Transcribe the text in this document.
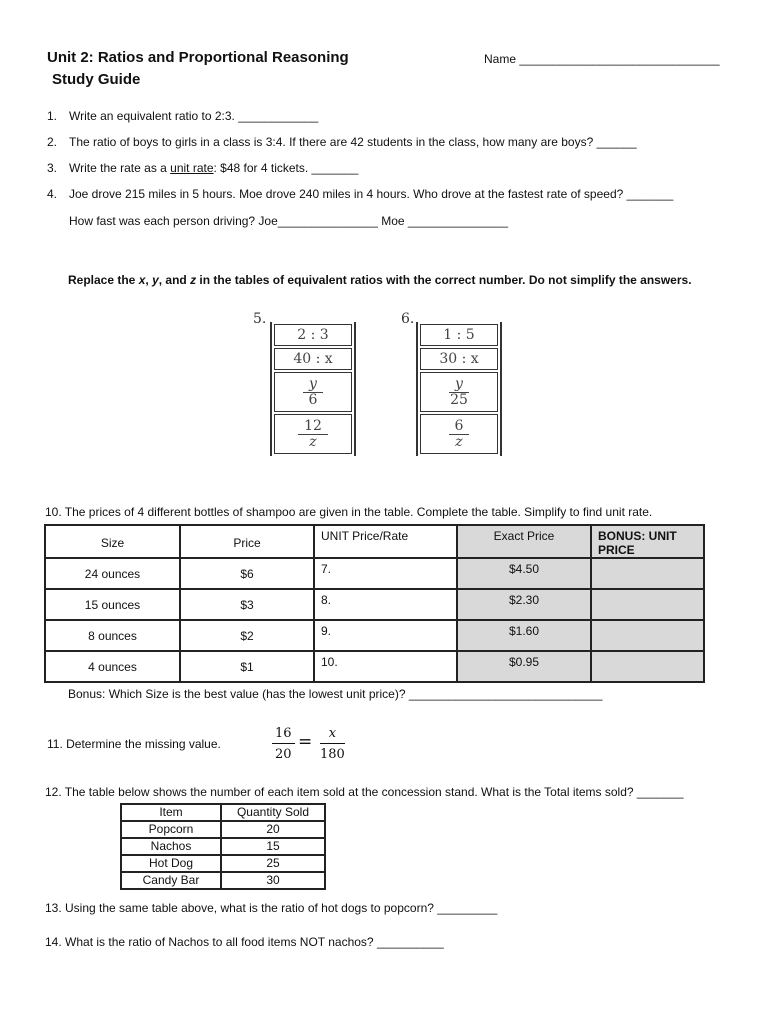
Unit 2: Ratios and Proportional Reasoning
Study Guide
Name ______________________________
1. Write an equivalent ratio to 2:3. ____________
2. The ratio of boys to girls in a class is 3:4. If there are 42 students in the class, how many are boys? ______
3. Write the rate as a unit rate: $48 for 4 tickets. _______
4. Joe drove 215 miles in 5 hours. Moe drove 240 miles in 4 hours. Who drove at the fastest rate of speed? _______
How fast was each person driving? Joe_______________ Moe _______________
Replace the x, y, and z in the tables of equivalent ratios with the correct number. Do not simplify the answers.
5.
2 : 3
40 : x
y
6
12
z
6.
1 : 5
30 : x
y
25
6
z
10. The prices of 4 different bottles of shampoo are given in the table. Complete the table. Simplify to find unit rate.
Size	Price	UNIT Price/Rate	Exact Price	BONUS: UNIT PRICE
24 ounces	$6	7.	$4.50	
15 ounces	$3	8.	$2.30	
8 ounces	$2	9.	$1.60	
4 ounces	$1	10.	$0.95	
Bonus: Which Size is the best value (has the lowest unit price)? _____________________________
11. Determine the missing value.	$\frac{16}{20} = \frac{x}{180}$
12. The table below shows the number of each item sold at the concession stand. What is the Total items sold? _______
Item	Quantity Sold
Popcorn	20
Nachos	15
Hot Dog	25
Candy Bar	30
13. Using the same table above, what is the ratio of hot dogs to popcorn? _________
14. What is the ratio of Nachos to all food items NOT nachos? __________
